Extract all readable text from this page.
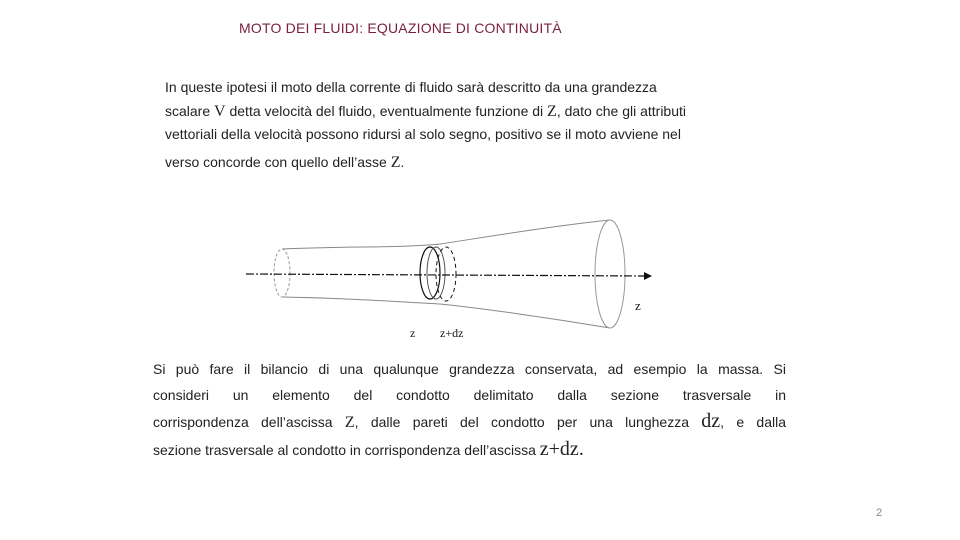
MOTO DEI FLUIDI: EQUAZIONE DI CONTINUITÀ
In queste ipotesi il moto della corrente di fluido sarà descritto da una grandezza
scalare V detta velocità del fluido, eventualmente funzione di Z, dato che gli attributi
vettoriali della velocità possono ridursi al solo segno, positivo se il moto avviene nel
verso concorde con quello dell’asse Z.
z
z z+dz
Si può fare il bilancio di una qualunque grandezza conservata, ad esempio la massa. Si
consideri un elemento del condotto delimitato dalla sezione trasversale in
corrispondenza dell’ascissa Z, dalle pareti del condotto per una lunghezza dz, e dalla
sezione trasversale al condotto in corrispondenza dell’ascissa z+dz.
2
